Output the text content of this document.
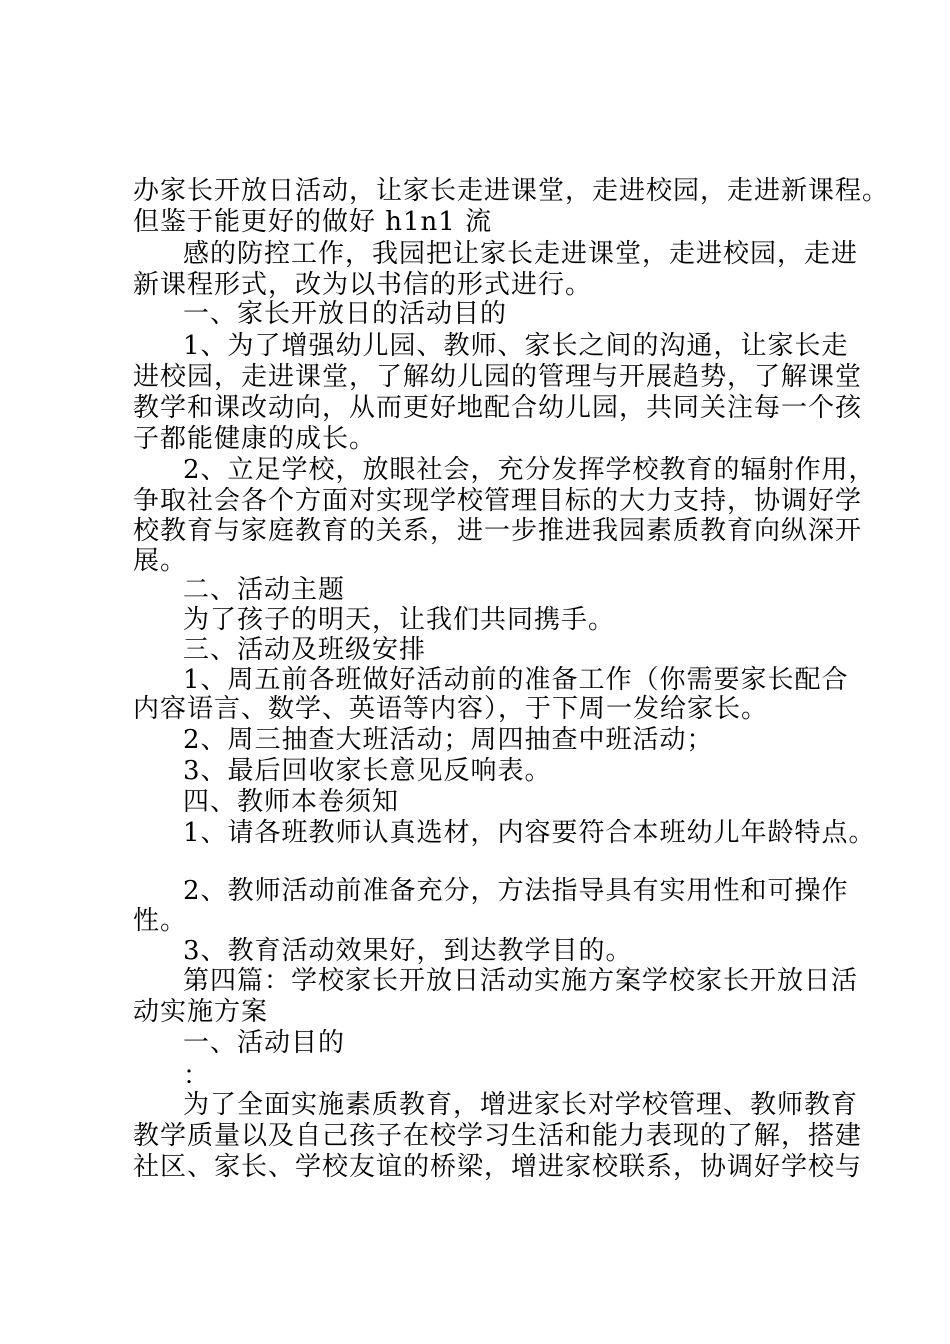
办家长开放日活动，让家长走进课堂，走进校园，走进新课程。
但鉴于能更好的做好 h1n1 流
感的防控工作，我园把让家长走进课堂，走进校园，走进
新课程形式，改为以书信的形式进行。
一、家长开放日的活动目的
1、为了增强幼儿园、教师、家长之间的沟通，让家长走
进校园，走进课堂，了解幼儿园的管理与开展趋势，了解课堂
教学和课改动向，从而更好地配合幼儿园，共同关注每一个孩
子都能健康的成长。
2、立足学校，放眼社会，充分发挥学校教育的辐射作用，
争取社会各个方面对实现学校管理目标的大力支持，协调好学
校教育与家庭教育的关系，进一步推进我园素质教育向纵深开
展。
二、活动主题
为了孩子的明天，让我们共同携手。
三、活动及班级安排
1、周五前各班做好活动前的准备工作（你需要家长配合
内容语言、数学、英语等内容），于下周一发给家长。
2、周三抽查大班活动；周四抽查中班活动；
3、最后回收家长意见反响表。
四、教师本卷须知
1、请各班教师认真选材，内容要符合本班幼儿年龄特点。
2、教师活动前准备充分，方法指导具有实用性和可操作
性。
3、教育活动效果好，到达教学目的。
第四篇：学校家长开放日活动实施方案学校家长开放日活
动实施方案
一、活动目的
：
为了全面实施素质教育，增进家长对学校管理、教师教育
教学质量以及自己孩子在校学习生活和能力表现的了解，搭建
社区、家长、学校友谊的桥梁，增进家校联系，协调好学校与
